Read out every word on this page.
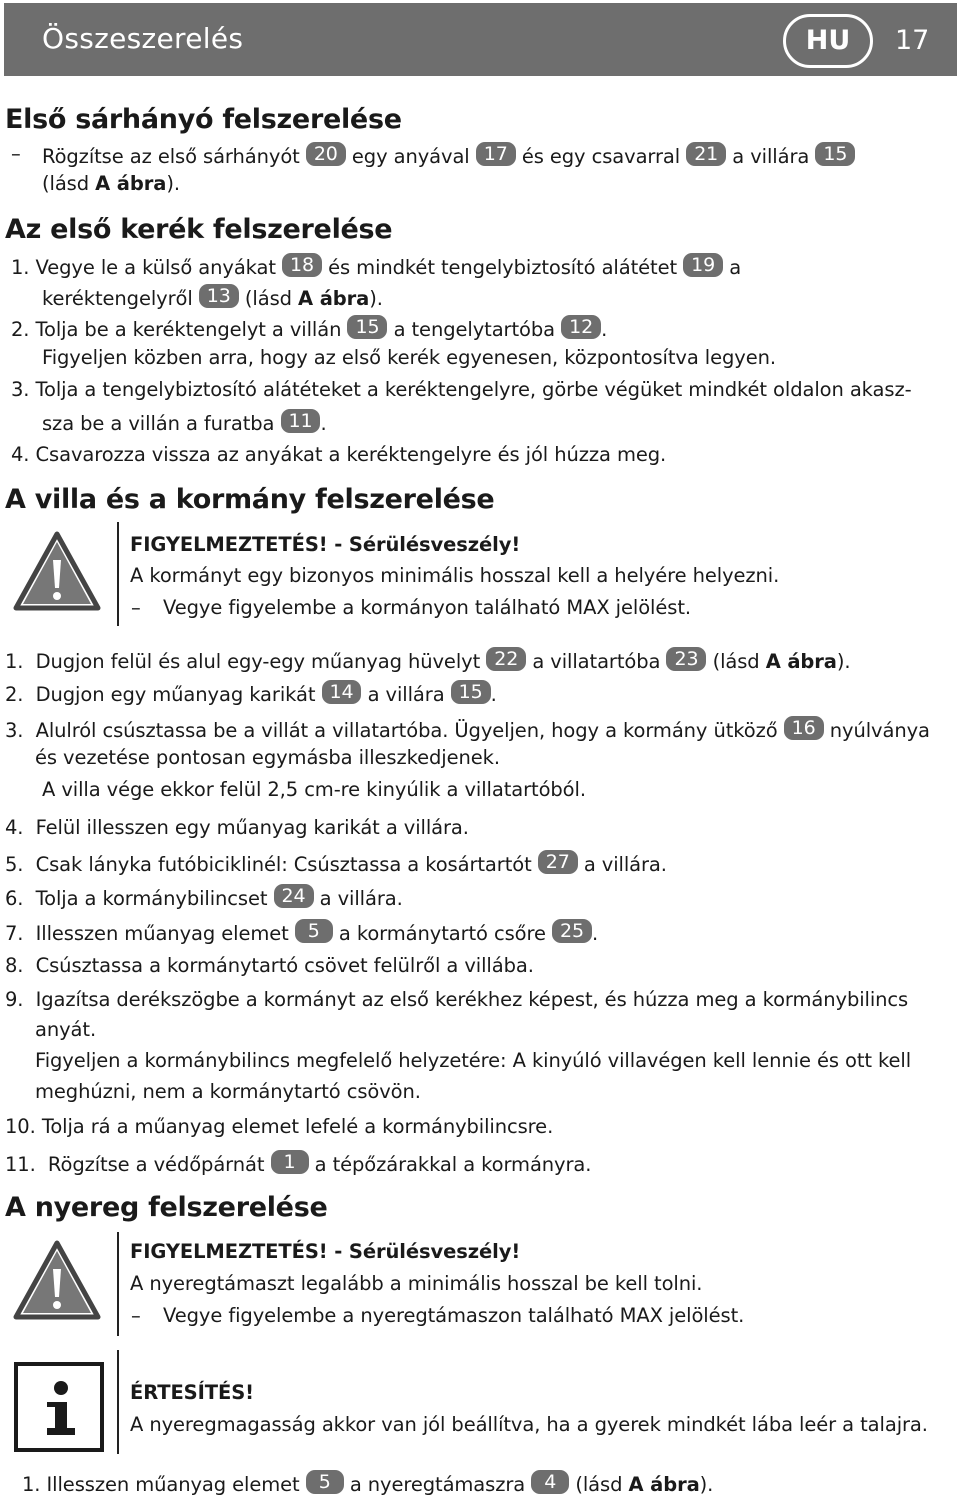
Összeszerelés	HU	17
Első sárhányó felszerelése
– Rögzítse az első sárhányót 20 egy anyával 17 és egy csavarral 21 a villára 15
(lásd A ábra).
Az első kerék felszerelése
1. Vegye le a külső anyákat 18 és mindkét tengelybiztosító alátétet 19 a
keréktengelyről 13 (lásd A ábra).
2. Tolja be a keréktengelyt a villán 15 a tengelytartóba 12 .
Figyeljen közben arra, hogy az első kerék egyenesen, központosítva legyen.
3. Tolja a tengelybiztosító alátéteket a keréktengelyre, görbe végüket mindkét oldalon akasz-
sza be a villán a furatba 11 .
4. Csavarozza vissza az anyákat a keréktengelyre és jól húzza meg.
A villa és a kormány felszerelése
FIGYELMEZTETÉS! - Sérülésveszély!
A kormányt egy bizonyos minimális hosszal kell a helyére helyezni.
– Vegye figyelembe a kormányon található MAX jelölést.
1. Dugjon felül és alul egy-egy műanyag hüvelyt 22 a villatartóba 23 (lásd A ábra).
2. Dugjon egy műanyag karikát 14 a villára 15 .
3. Alulról csúsztassa be a villát a villatartóba. Ügyeljen, hogy a kormány ütköző 16 nyúlványa
és vezetése pontosan egymásba illeszkedjenek.
A villa vége ekkor felül 2,5 cm-re kinyúlik a villatartóból.
4. Felül illesszen egy műanyag karikát a villára.
5. Csak lányka futóbiciklinél: Csúsztassa a kosártartót 27 a villára.
6. Tolja a kormánybilincset 24 a villára.
7. Illesszen műanyag elemet 5 a kormánytartó csőre 25 .
8. Csúsztassa a kormánytartó csövet felülről a villába.
9. Igazítsa derékszögbe a kormányt az első kerékhez képest, és húzza meg a kormánybilincs
anyát.
Figyeljen a kormánybilincs megfelelő helyzetére: A kinyúló villavégen kell lennie és ott kell
meghúzni, nem a kormánytartó csövön.
10. Tolja rá a műanyag elemet lefelé a kormánybilincsre.
11. Rögzítse a védőpárnát 1 a tépőzárakkal a kormányra.
A nyereg felszerelése
FIGYELMEZTETÉS! - Sérülésveszély!
A nyeregtámaszt legalább a minimális hosszal be kell tolni.
– Vegye figyelembe a nyeregtámaszon található MAX jelölést.
ÉRTESÍTÉS!
A nyeregmagasság akkor van jól beállítva, ha a gyerek mindkét lába leér a talajra.
1. Illesszen műanyag elemet 5 a nyeregtámaszra 4 (lásd A ábra).
